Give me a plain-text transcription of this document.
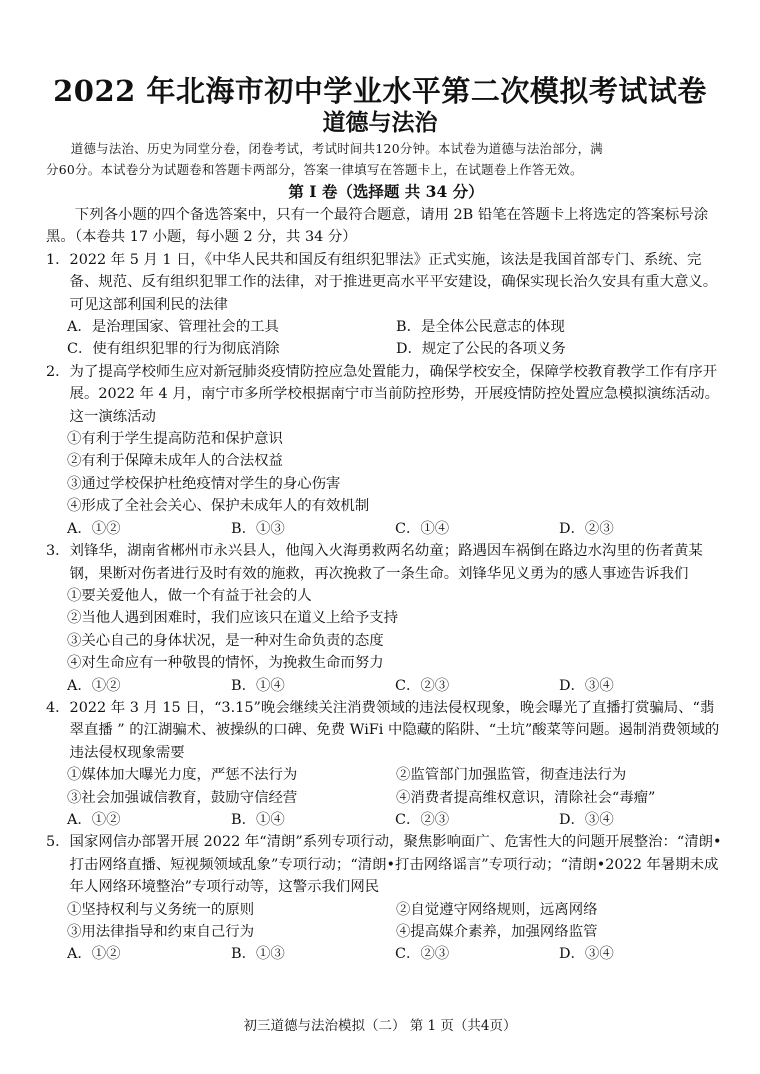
2022 年北海市初中学业水平第二次模拟考试试卷
道德与法治

道德与法治、历史为同堂分卷，闭卷考试，考试时间共120分钟。本试卷为道德与法治部分，满

分60分。本试卷分为试题卷和答题卡两部分，答案一律填写在答题卡上，在试题卷上作答无效。

第 Ⅰ 卷（选择题 共 34 分）

下列各小题的四个备选答案中，只有一个最符合题意，请用 2B 铅笔在答题卡上将选定的答案标号涂黑。（本卷共 17 小题，每小题 2 分，共 34 分）

1． 2022 年 5 月 1 日，《中华人民共和国反有组织犯罪法》正式实施，该法是我国首部专门、系统、完备、规范、反有组织犯罪工作的法律，对于推进更高水平平安建设，确保实现长治久安具有重大意义。可见这部利国利民的法律
A．是治理国家、管理社会的工具	B．是全体公民意志的体现
C．使有组织犯罪的行为彻底消除	D．规定了公民的各项义务
2． 为了提高学校师生应对新冠肺炎疫情防控应急处置能力，确保学校安全，保障学校教育教学工作有序开展。2022 年 4 月，南宁市多所学校根据南宁市当前防控形势，开展疫情防控处置应急模拟演练活动。这一演练活动

①有利于学生提高防范和保护意识

②有利于保障未成年人的合法权益

③通过学校保护杜绝疫情对学生的身心伤害

④形成了全社会关心、保护未成年人的有效机制

A．①②	B．①③	C．①④	D．②③
3． 刘锋华，湖南省郴州市永兴县人，他闯入火海勇救两名幼童；路遇因车祸倒在路边水沟里的伤者黄某钢，果断对伤者进行及时有效的施救，再次挽救了一条生命。刘锋华见义勇为的感人事迹告诉我们

①要关爱他人，做一个有益于社会的人

②当他人遇到困难时，我们应该只在道义上给予支持

③关心自己的身体状况，是一种对生命负责的态度

④对生命应有一种敬畏的情怀，为挽救生命而努力

A．①②	B．①④	C．②③	D．③④
4． 2022 年 3 月 15 日，“3.15”晚会继续关注消费领域的违法侵权现象，晚会曝光了直播打赏骗局、“翡翠直播 ” 的江湖骗术、被操纵的口碑、免费 WiFi 中隐藏的陷阱、“土坑”酸菜等问题。遏制消费领域的违法侵权现象需要
①媒体加大曝光力度，严惩不法行为	②监管部门加强监管，彻查违法行为
③社会加强诚信教育，鼓励守信经营	④消费者提高维权意识，清除社会“毒瘤”
A．①②	B．①④	C．②③	D．③④
5． 国家网信办部署开展 2022 年“清朗”系列专项行动，聚焦影响面广、危害性大的问题开展整治：“清朗•打击网络直播、短视频领域乱象”专项行动；“清朗•打击网络谣言”专项行动；“清朗•2022 年暑期未成年人网络环境整治”专项行动等，这警示我们网民
①坚持权利与义务统一的原则	②自觉遵守网络规则，远离网络
③用法律指导和约束自己行为	④提高媒介素养，加强网络监管
A．①②	B．①③	C．②③	D．③④
初三道德与法治模拟（二） 第 1 页（共4页）
